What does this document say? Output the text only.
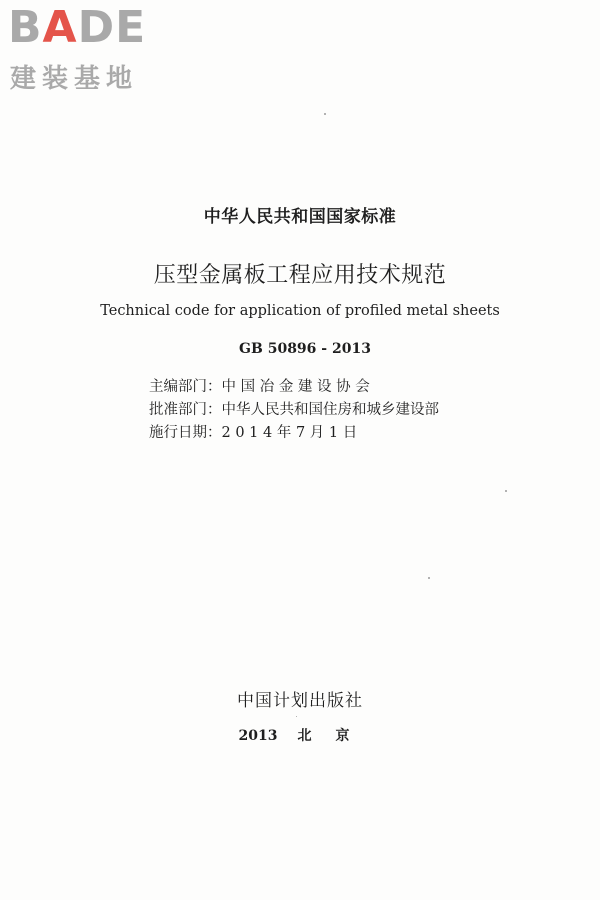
BADE
建装基地
中华人民共和国国家标准
压型金属板工程应用技术规范
Technical code for application of profiled metal sheets
GB 50896 - 2013
主编部门：中 国 冶 金 建 设 协 会
批准部门：中华人民共和国住房和城乡建设部
施行日期：2 0 1 4 年 7 月 1 日
中国计划出版社
2013 北 京
